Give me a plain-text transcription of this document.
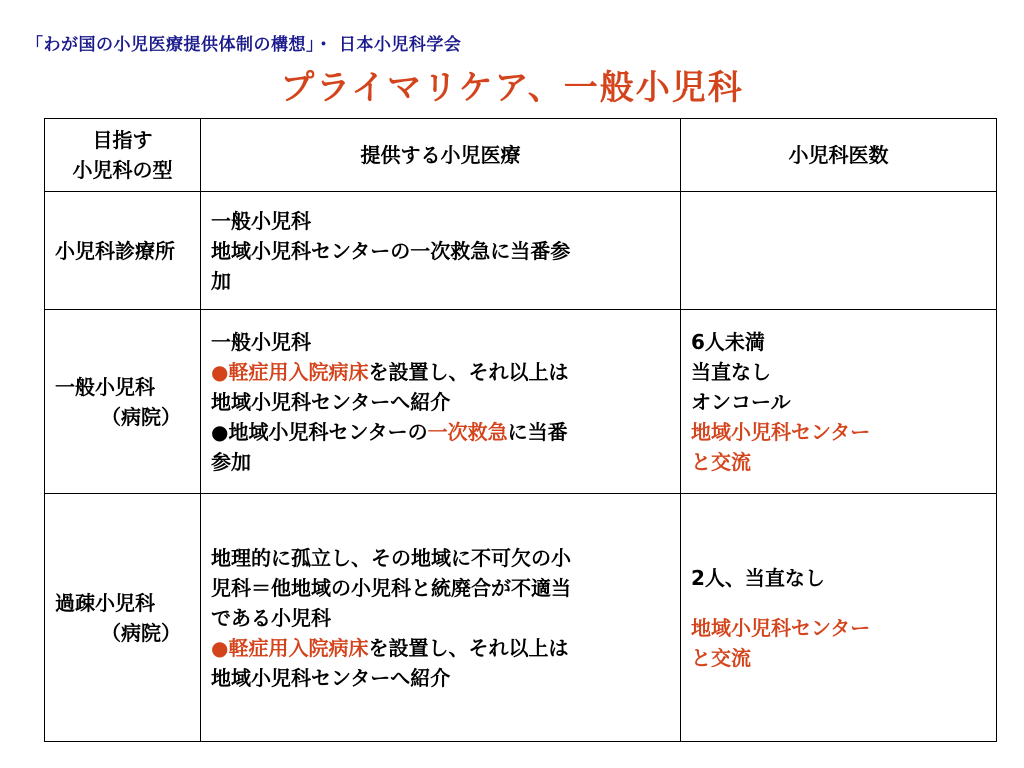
「わが国の小児医療提供体制の構想」・ 日本小児科学会
プライマリケア、一般小児科
目指す
小児科の型	提供する小児医療	小児科医数

小児科診療所	一般小児科
地域小児科センターの一次救急に当番参
加	

一般小児科
（病院）	一般小児科
●軽症用入院病床を設置し、それ以上は
地域小児科センターへ紹介
●地域小児科センターの一次救急に当番
参加	6人未満
当直なし
オンコール
地域小児科センター
と交流

過疎小児科
（病院）	地理的に孤立し、その地域に不可欠の小
児科＝他地域の小児科と統廃合が不適当
である小児科
●軽症用入院病床を設置し、それ以上は
地域小児科センターへ紹介	2人、当直なし
地域小児科センター
と交流
